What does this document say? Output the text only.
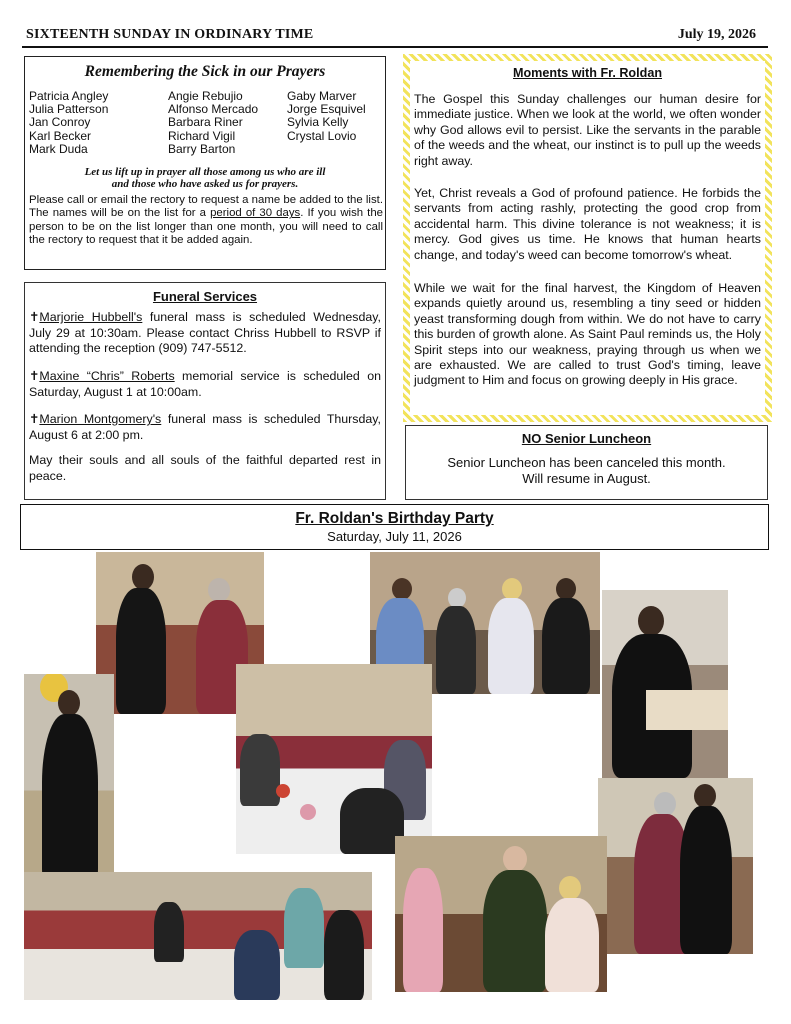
SIXTEENTH SUNDAY IN ORDINARY TIME	July 19, 2026
Remembering the Sick in our Prayers
Patricia Angley
Julia Patterson
Jan Conroy
Karl Becker
Mark Duda
Angie Rebujio
Alfonso Mercado
Barbara Riner
Richard Vigil
Barry Barton
Gaby Marver
Jorge Esquivel
Sylvia Kelly
Crystal Lovio
Let us lift up in prayer all those among us who are ill
and those who have asked us for prayers.
Please call or email the rectory to request a name be added to the list. The names will be on the list for a period of 30 days. If you wish the person to be on the list longer than one month, you will need to call the rectory to request that it be added again.
Funeral Services
✝Marjorie Hubbell's funeral mass is scheduled Wednesday, July 29 at 10:30am. Please contact Chriss Hubbell to RSVP if attending the reception (909) 747-5512.
✝Maxine “Chris” Roberts memorial service is scheduled on Saturday, August 1 at 10:00am.
✝Marion Montgomery's funeral mass is scheduled Thursday, August 6 at 2:00 pm.
May their souls and all souls of the faithful departed rest in peace.
Moments with Fr. Roldan
The Gospel this Sunday challenges our human desire for immediate justice. When we look at the world, we often wonder why God allows evil to persist. Like the servants in the parable of the weeds and the wheat, our instinct is to pull up the weeds right away.
Yet, Christ reveals a God of profound patience. He forbids the servants from acting rashly, protecting the good crop from accidental harm. This divine tolerance is not weakness; it is mercy. God gives us time. He knows that human hearts change, and today's weed can become tomorrow's wheat.
While we wait for the final harvest, the Kingdom of Heaven expands quietly around us, resembling a tiny seed or hidden yeast transforming dough from within. We do not have to carry this burden of growth alone. As Saint Paul reminds us, the Holy Spirit steps into our weakness, praying through us when we are exhausted. We are called to trust God's timing, leave judgment to Him and focus on growing deeply in His grace.
NO Senior Luncheon
Senior Luncheon has been canceled this month.
Will resume in August.
Fr. Roldan's Birthday Party
Saturday, July 11, 2026
